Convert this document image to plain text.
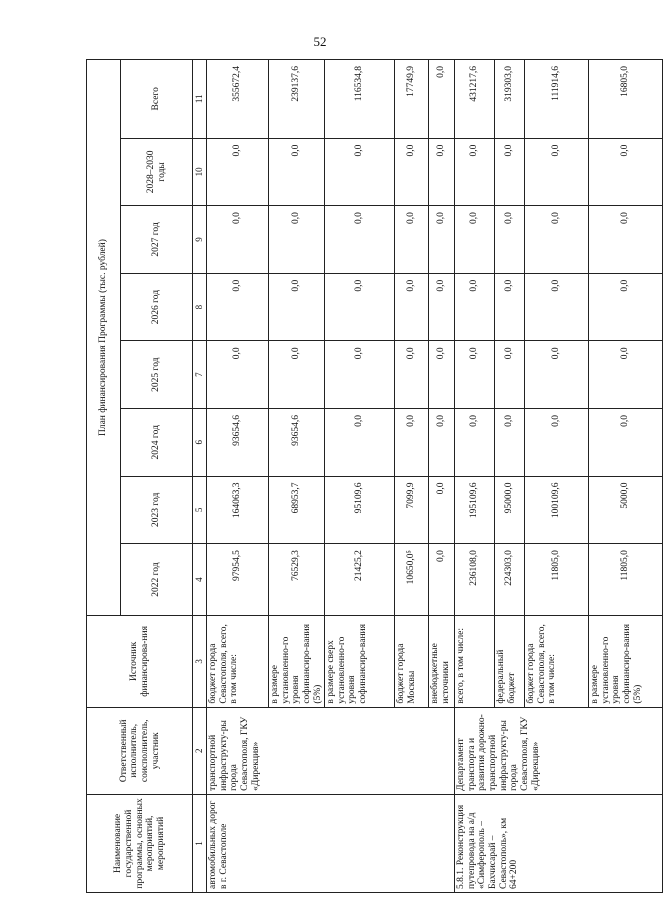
52
Наименование государственной программы, основных мероприятий, мероприятий 1	Ответственный исполнитель, соисполнитель, участник 2	Источник финансирова-ния 3	План финансирования Программы (тыс. рублей)							
			2022 год	2023 год	2024 год	2025 год	2026 год	2027 год	2028–2030 годы	Всего
			4	5	6	7	8	9	10	11
автомобильных дорог в г. Севастополе	транспортной инфраструкту-ры города Севастополя, ГКУ «Дирекция»	бюджет города Севастополя, всего, в том числе:	97954,5	164063,3	93654,6	0,0	0,0	0,0	0,0	355672,4
		в размере установленно-го уровня софинансиро-вания (5%)	76529,3	68953,7	93654,6	0,0	0,0	0,0	0,0	239137,6
		в размере сверх установленно-го уровня софинансиро-вания	21425,2	95109,6	0,0	0,0	0,0	0,0	0,0	116534,8
		бюджет города Москвы	10650,0⁵	7099,9	0,0	0,0	0,0	0,0	0,0	17749,9
		внебюджетные источники	0,0	0,0	0,0	0,0	0,0	0,0	0,0	0,0
5.8.1. Реконструкция путепровода на а/д «Симферополь – Бахчисарай – Севастополь», км 64+200	Департамент транспорта и развития дорожно-транспортной инфраструкту-ры города Севастополя, ГКУ «Дирекция»	всего, в том числе:	236108,0	195109,6	0,0	0,0	0,0	0,0	0,0	431217,6
		федеральный бюджет	224303,0	95000,0	0,0	0,0	0,0	0,0	0,0	319303,0
		бюджет города Севастополя, всего, в том числе:	11805,0	100109,6	0,0	0,0	0,0	0,0	0,0	111914,6
		в размере установленно-го уровня софинансиро-вания (5%)	11805,0	5000,0	0,0	0,0	0,0	0,0	0,0	16805,0
